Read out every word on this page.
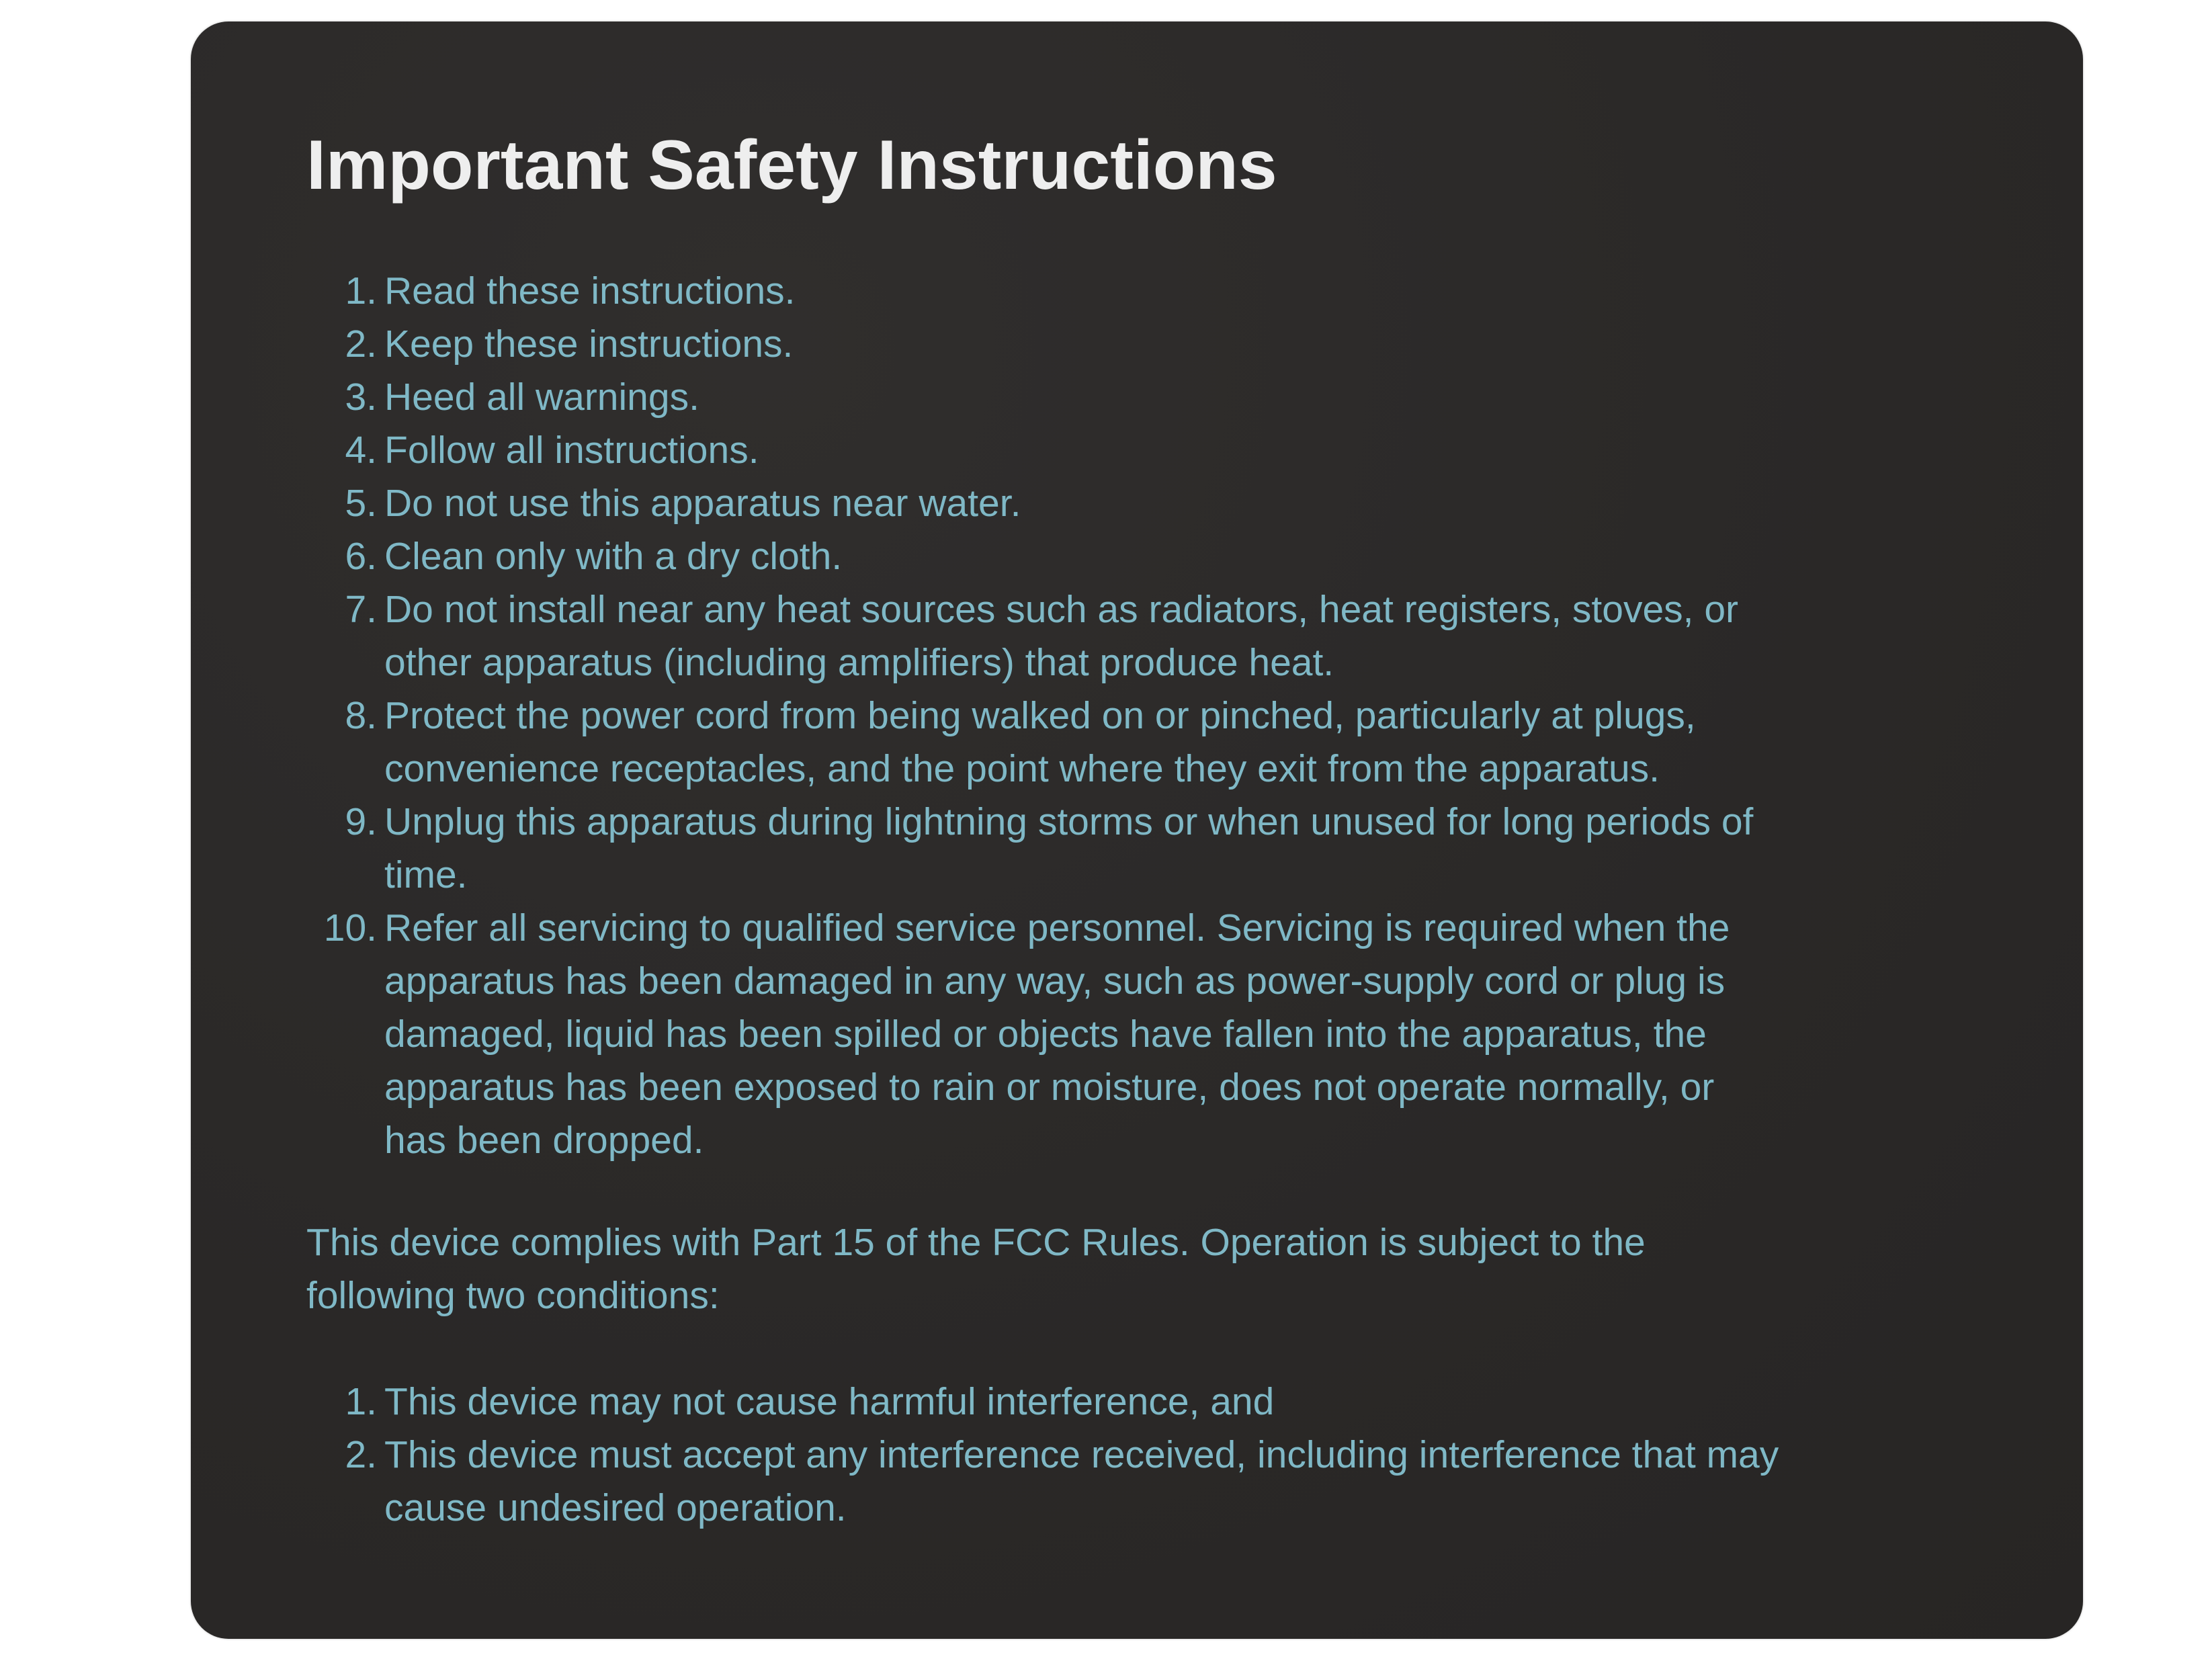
Important Safety Instructions
1. Read these instructions.
2. Keep these instructions.
3. Heed all warnings.
4. Follow all instructions.
5. Do not use this apparatus near water.
6. Clean only with a dry cloth.
7. Do not install near any heat sources such as radiators, heat registers, stoves, or other apparatus (including amplifiers) that produce heat.
8. Protect the power cord from being walked on or pinched, particularly at plugs, convenience receptacles, and the point where they exit from the apparatus.
9. Unplug this apparatus during lightning storms or when unused for long periods of time.
10. Refer all servicing to qualified service personnel. Servicing is required when the apparatus has been damaged in any way, such as power-supply cord or plug is damaged, liquid has been spilled or objects have fallen into the apparatus, the apparatus has been exposed to rain or moisture, does not operate normally, or has been dropped.

This device complies with Part 15 of the FCC Rules. Operation is subject to the following two conditions:

1. This device may not cause harmful interference, and
2. This device must accept any interference received, including interference that may cause undesired operation.
